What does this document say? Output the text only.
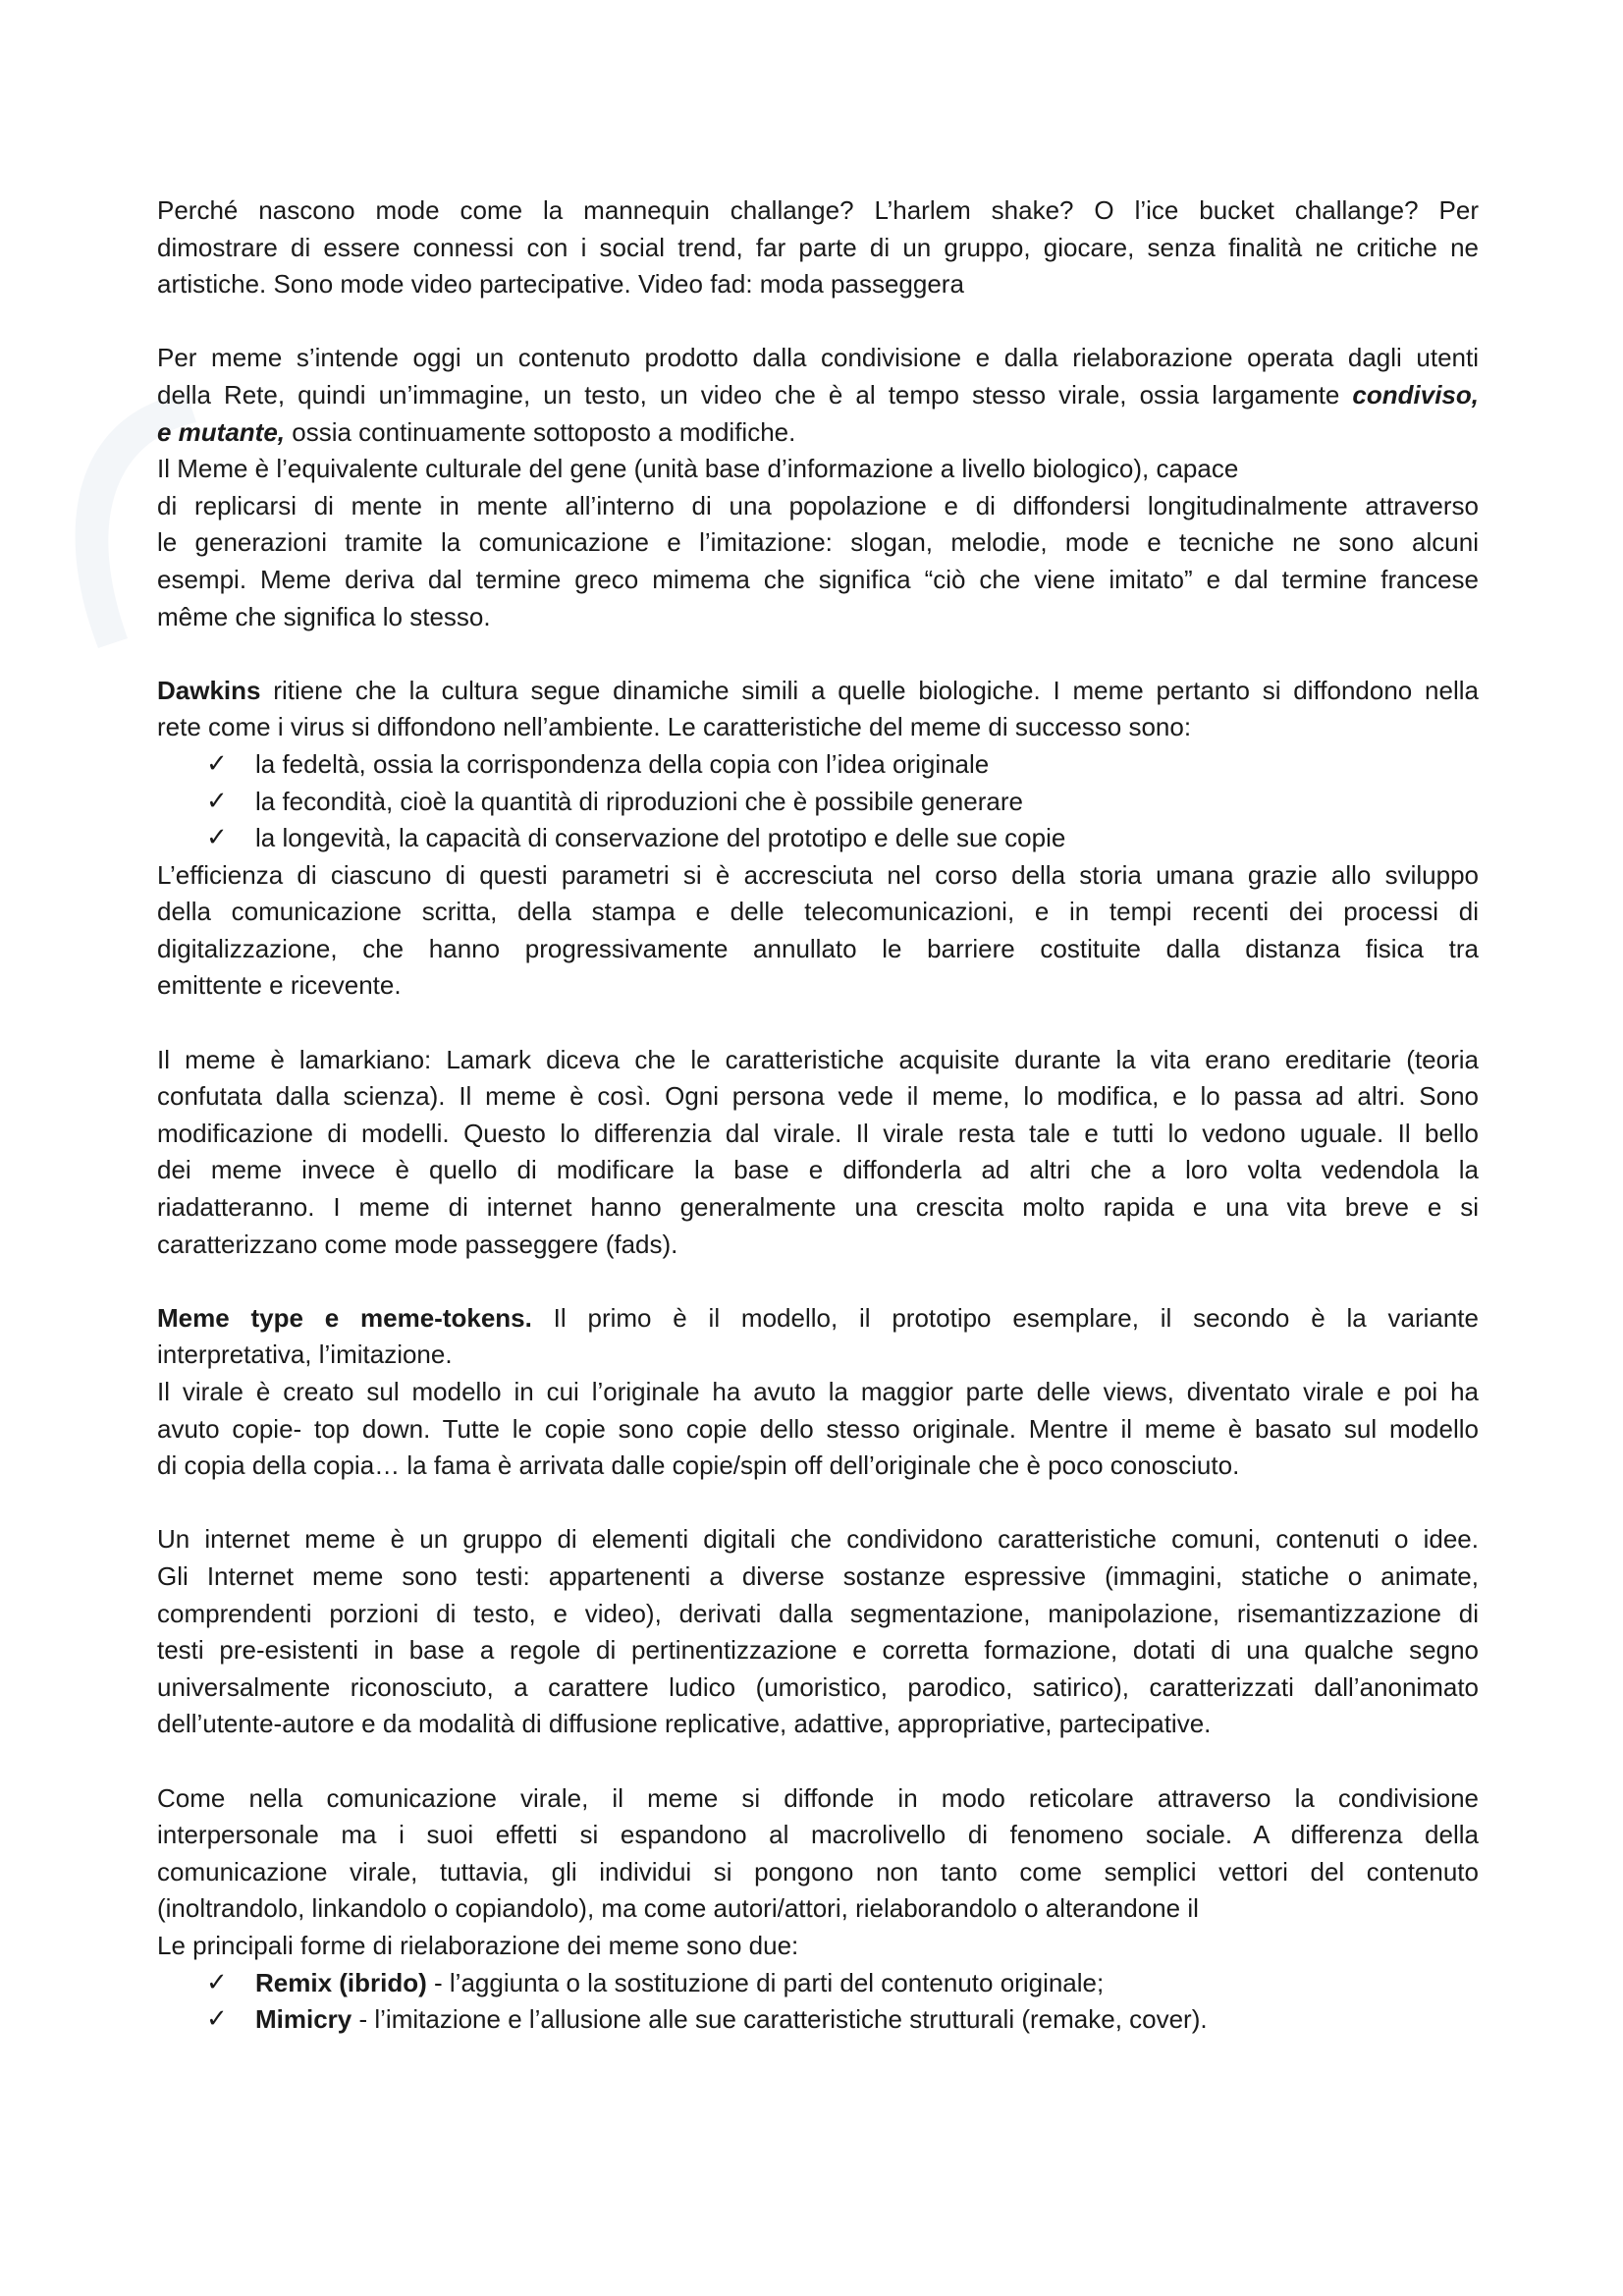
Perché nascono mode come la mannequin challange? L’harlem shake? O l’ice bucket challange? Per
dimostrare di essere connessi con i social trend, far parte di un gruppo, giocare, senza finalità ne critiche ne
artistiche. Sono mode video partecipative. Video fad: moda passeggera
Per meme s’intende oggi un contenuto prodotto dalla condivisione e dalla rielaborazione operata dagli utenti
della Rete, quindi un’immagine, un testo, un video che è al tempo stesso virale, ossia largamente condiviso,
e mutante, ossia continuamente sottoposto a modifiche.
Il Meme è l’equivalente culturale del gene (unità base d’informazione a livello biologico), capace
di replicarsi di mente in mente all’interno di una popolazione e di diffondersi longitudinalmente attraverso
le generazioni tramite la comunicazione e l’imitazione: slogan, melodie, mode e tecniche ne sono alcuni
esempi. Meme deriva dal termine greco mimema che significa “ciò che viene imitato” e dal termine francese
même che significa lo stesso.
Dawkins ritiene che la cultura segue dinamiche simili a quelle biologiche. I meme pertanto si diffondono nella
rete come i virus si diffondono nell’ambiente. Le caratteristiche del meme di successo sono:
✓ la fedeltà, ossia la corrispondenza della copia con l’idea originale
✓ la fecondità, cioè la quantità di riproduzioni che è possibile generare
✓ la longevità, la capacità di conservazione del prototipo e delle sue copie
L’efficienza di ciascuno di questi parametri si è accresciuta nel corso della storia umana grazie allo sviluppo
della comunicazione scritta, della stampa e delle telecomunicazioni, e in tempi recenti dei processi di
digitalizzazione, che hanno progressivamente annullato le barriere costituite dalla distanza fisica tra
emittente e ricevente.
Il meme è lamarkiano: Lamark diceva che le caratteristiche acquisite durante la vita erano ereditarie (teoria
confutata dalla scienza). Il meme è così. Ogni persona vede il meme, lo modifica, e lo passa ad altri. Sono
modificazione di modelli. Questo lo differenzia dal virale. Il virale resta tale e tutti lo vedono uguale. Il bello
dei meme invece è quello di modificare la base e diffonderla ad altri che a loro volta vedendola la
riadatteranno. I meme di internet hanno generalmente una crescita molto rapida e una vita breve e si
caratterizzano come mode passeggere (fads).
Meme type e meme-tokens. Il primo è il modello, il prototipo esemplare, il secondo è la variante
interpretativa, l’imitazione.
Il virale è creato sul modello in cui l’originale ha avuto la maggior parte delle views, diventato virale e poi ha
avuto copie- top down. Tutte le copie sono copie dello stesso originale. Mentre il meme è basato sul modello
di copia della copia… la fama è arrivata dalle copie/spin off dell’originale che è poco conosciuto.
Un internet meme è un gruppo di elementi digitali che condividono caratteristiche comuni, contenuti o idee.
Gli Internet meme sono testi: appartenenti a diverse sostanze espressive (immagini, statiche o animate,
comprendenti porzioni di testo, e video), derivati dalla segmentazione, manipolazione, risemantizzazione di
testi pre-esistenti in base a regole di pertinentizzazione e corretta formazione, dotati di una qualche segno
universalmente riconosciuto, a carattere ludico (umoristico, parodico, satirico), caratterizzati dall’anonimato
dell’utente-autore e da modalità di diffusione replicative, adattive, appropriative, partecipative.
Come nella comunicazione virale, il meme si diffonde in modo reticolare attraverso la condivisione
interpersonale ma i suoi effetti si espandono al macrolivello di fenomeno sociale. A differenza della
comunicazione virale, tuttavia, gli individui si pongono non tanto come semplici vettori del contenuto
(inoltrandolo, linkandolo o copiandolo), ma come autori/attori, rielaborandolo o alterandone il
Le principali forme di rielaborazione dei meme sono due:
✓ Remix (ibrido) - l’aggiunta o la sostituzione di parti del contenuto originale;
✓ Mimicry - l’imitazione e l’allusione alle sue caratteristiche strutturali (remake, cover).
